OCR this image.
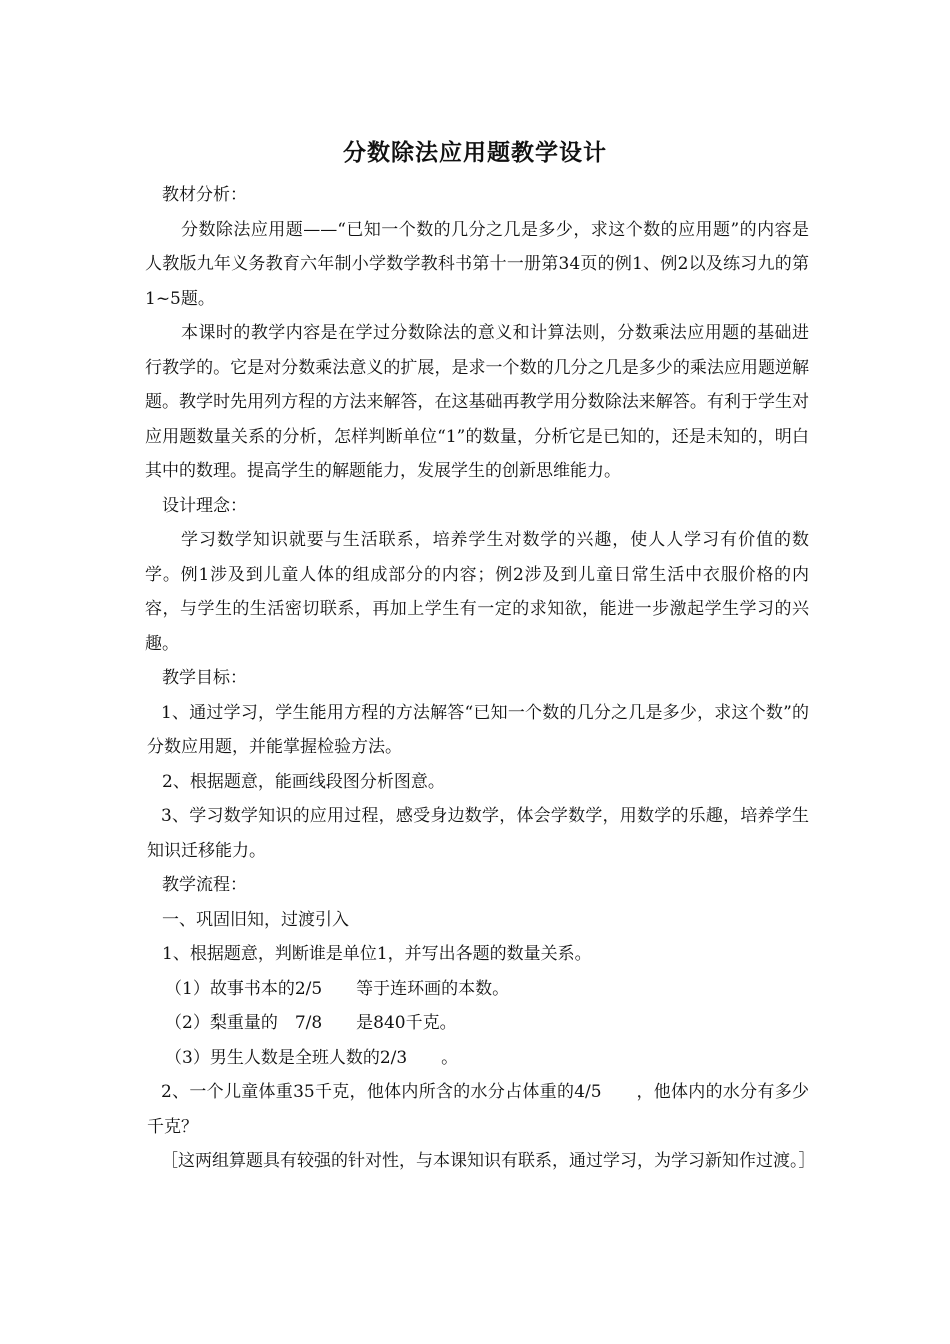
分数除法应用题教学设计

教材分析：

分数除法应用题——“已知一个数的几分之几是多少，求这个数的应用题”的内容是人教版九年义务教育六年制小学数学教科书第十一册第34页的例1、例2以及练习九的第1~5题。

本课时的教学内容是在学过分数除法的意义和计算法则，分数乘法应用题的基础进行教学的。它是对分数乘法意义的扩展，是求一个数的几分之几是多少的乘法应用题逆解题。教学时先用列方程的方法来解答，在这基础再教学用分数除法来解答。有利于学生对应用题数量关系的分析，怎样判断单位“1”的数量，分析它是已知的，还是未知的，明白其中的数理。提高学生的解题能力，发展学生的创新思维能力。

设计理念：

学习数学知识就要与生活联系，培养学生对数学的兴趣，使人人学习有价值的数学。例1涉及到儿童人体的组成部分的内容；例2涉及到儿童日常生活中衣服价格的内容，与学生的生活密切联系，再加上学生有一定的求知欲，能进一步激起学生学习的兴趣。

教学目标：

1、通过学习，学生能用方程的方法解答“已知一个数的几分之几是多少，求这个数”的分数应用题，并能掌握检验方法。

2、根据题意，能画线段图分析图意。

3、学习数学知识的应用过程，感受身边数学，体会学数学，用数学的乐趣，培养学生知识迁移能力。

教学流程：

一、巩固旧知，过渡引入

1、根据题意，判断谁是单位1，并写出各题的数量关系。

（1）故事书本的2/5　　等于连环画的本数。

（2）梨重量的　7/8　　是840千克。

（3）男生人数是全班人数的2/3　　。

2、一个儿童体重35千克，他体内所含的水分占体重的4/5　　，他体内的水分有多少千克？

［这两组算题具有较强的针对性，与本课知识有联系，通过学习，为学习新知作过渡。］
